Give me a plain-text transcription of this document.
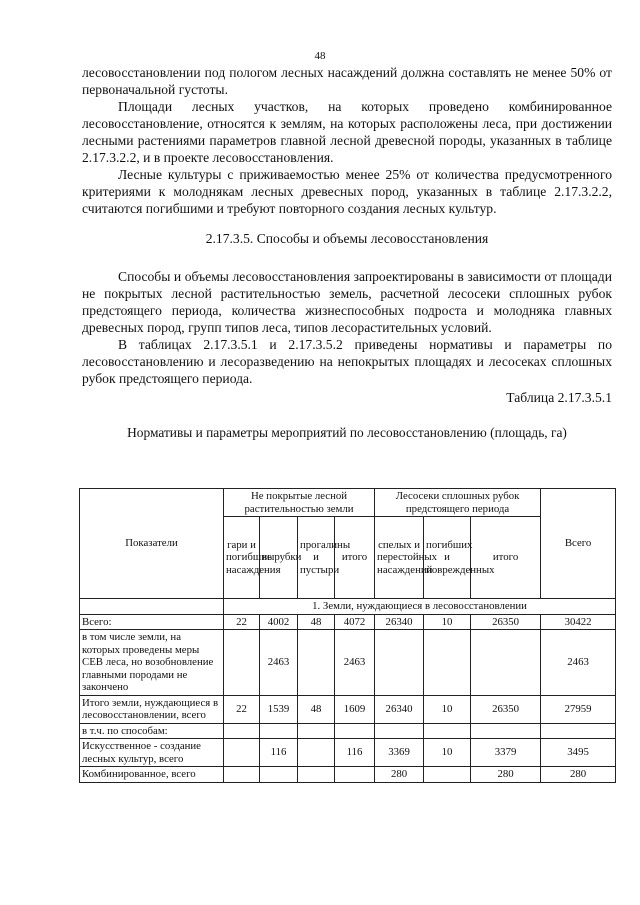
48

лесовосстановлении под пологом лесных насаждений должна составлять не менее 50% от первоначальной густоты.

Площади лесных участков, на которых проведено комбинированное лесовосстановление, относятся к землям, на которых расположены леса, при достижении лесными растениями параметров главной лесной древесной породы, указанных в таблице 2.17.3.2.2, и в проекте лесовосстановления.

Лесные культуры с приживаемостью менее 25% от количества предусмотренного критериями к молоднякам лесных древесных пород, указанных в таблице 2.17.3.2.2, считаются погибшими и требуют повторного создания лесных культур.

2.17.3.5. Способы и объемы лесовосстановления

Способы и объемы лесовосстановления запроектированы в зависимости от площади не покрытых лесной растительностью земель, расчетной лесосеки сплошных рубок предстоящего периода, количества жизнеспособных подроста и молодняка главных древесных пород, групп типов леса, типов лесорастительных условий.

В таблицах 2.17.3.5.1 и 2.17.3.5.2 приведены нормативы и параметры по лесовосстановлению и лесоразведению на непокрытых площадях и лесосеках сплошных рубок предстоящего периода.

Таблица 2.17.3.5.1

Нормативы и параметры мероприятий по лесовосстановлению (площадь, га)

Показатели	Не покрытые лесной растительностью земли				Лесосеки сплошных рубок предстоящего периода			Всего
	гари и погибшие насаждения	вырубки	прогалины и пустыри	итого	спелых и перестойных насаждений	погибших и поврежденных	итого	

	1. Земли, нуждающиеся в лесовосстановлении							
Всего:	22	4002	48	4072	26340	10	26350	30422
в том числе земли, на которых проведены меры СЕВ леса, но возобновление главными породами не закончено		2463		2463				2463
Итого земли, нуждающиеся в лесовосстановлении, всего	22	1539	48	1609	26340	10	26350	27959
в т.ч. по способам:								
Искусственное - создание лесных культур, всего		116		116	3369	10	3379	3495
Комбинированное, всего					280		280	280
